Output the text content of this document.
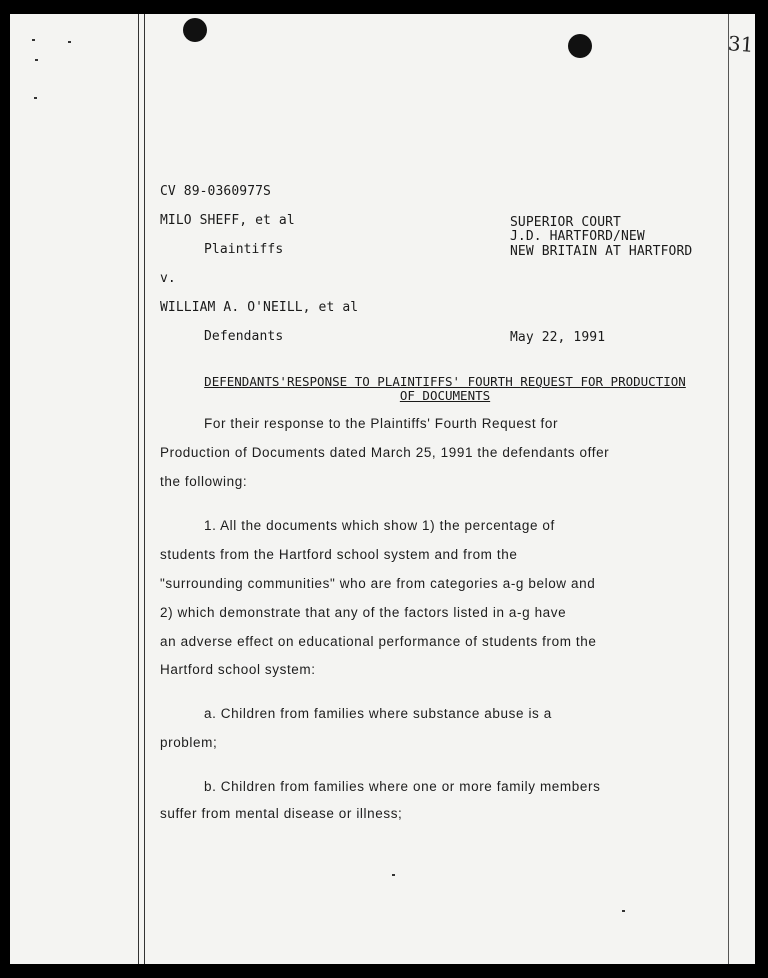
31
CV 89-0360977S
MILO SHEFF, et al
Plaintiffs
v.
WILLIAM A. O'NEILL, et al
Defendants
SUPERIOR COURT
J.D. HARTFORD/NEW
NEW BRITAIN AT HARTFORD
May 22, 1991
DEFENDANTS'RESPONSE TO PLAINTIFFS' FOURTH REQUEST FOR PRODUCTION
OF DOCUMENTS
For their response to the Plaintiffs' Fourth Request for
Production of Documents dated March 25, 1991 the defendants offer
the following:
1. All the documents which show 1) the percentage of
students from the Hartford school system and from the
"surrounding communities" who are from categories a-g below and
2) which demonstrate that any of the factors listed in a-g have
an adverse effect on educational performance of students from the
Hartford school system:
a. Children from families where substance abuse is a
problem;
b. Children from families where one or more family members
suffer from mental disease or illness;
